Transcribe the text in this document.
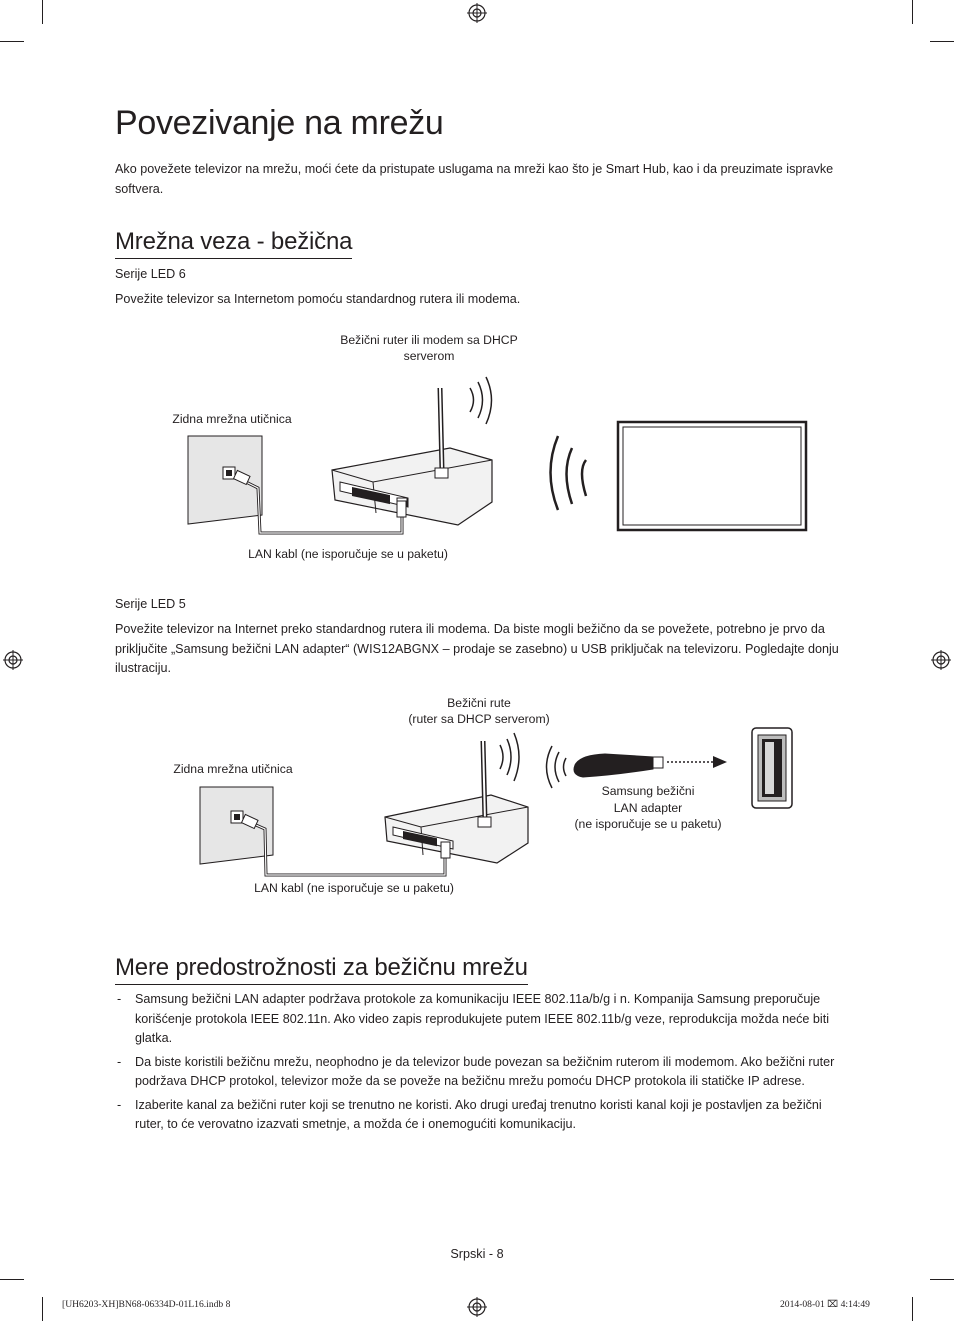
Povezivanje na mrežu

Ako povežete televizor na mrežu, moći ćete da pristupate uslugama na mreži kao što je Smart Hub, kao i da preuzimate ispravke softvera.

Mrežna veza - bežična

Serije LED 6

Povežite televizor sa Internetom pomoću standardnog rutera ili modema.

Bežični ruter ili modem sa DHCP serverom

Zidna mrežna utičnica

LAN kabl (ne isporučuje se u paketu)

Serije LED 5

Povežite televizor na Internet preko standardnog rutera ili modema. Da biste mogli bežično da se povežete, potrebno je prvo da priključite „Samsung bežični LAN adapter“ (WIS12ABGNX – prodaje se zasebno) u USB priključak na televizoru. Pogledajte donju ilustraciju.

Bežični rute

(ruter sa DHCP serverom)

Zidna mrežna utičnica

Samsung bežični

LAN adapter

(ne isporučuje se u paketu)

LAN kabl (ne isporučuje se u paketu)

Mere predostrožnosti za bežičnu mrežu
- Samsung bežični LAN adapter podržava protokole za komunikaciju IEEE 802.11a/b/g i n. Kompanija Samsung preporučuje korišćenje protokola IEEE 802.11n. Ako video zapis reprodukujete putem IEEE 802.11b/g veze, reprodukcija možda neće biti glatka.
- Da biste koristili bežičnu mrežu, neophodno je da televizor bude povezan sa bežičnim ruterom ili modemom. Ako bežični ruter podržava DHCP protokol, televizor može da se poveže na bežičnu mrežu pomoću DHCP protokola ili statičke IP adrese.
- Izaberite kanal za bežični ruter koji se trenutno ne koristi. Ako drugi uređaj trenutno koristi kanal koji je postavljen za bežični ruter, to će verovatno izazvati smetnje, a možda će i onemogućiti komunikaciju.
Srpski - 8
[UH6203-XH]BN68-06334D-01L16.indb 8	2014-08-01 ⌧ 4:14:49
